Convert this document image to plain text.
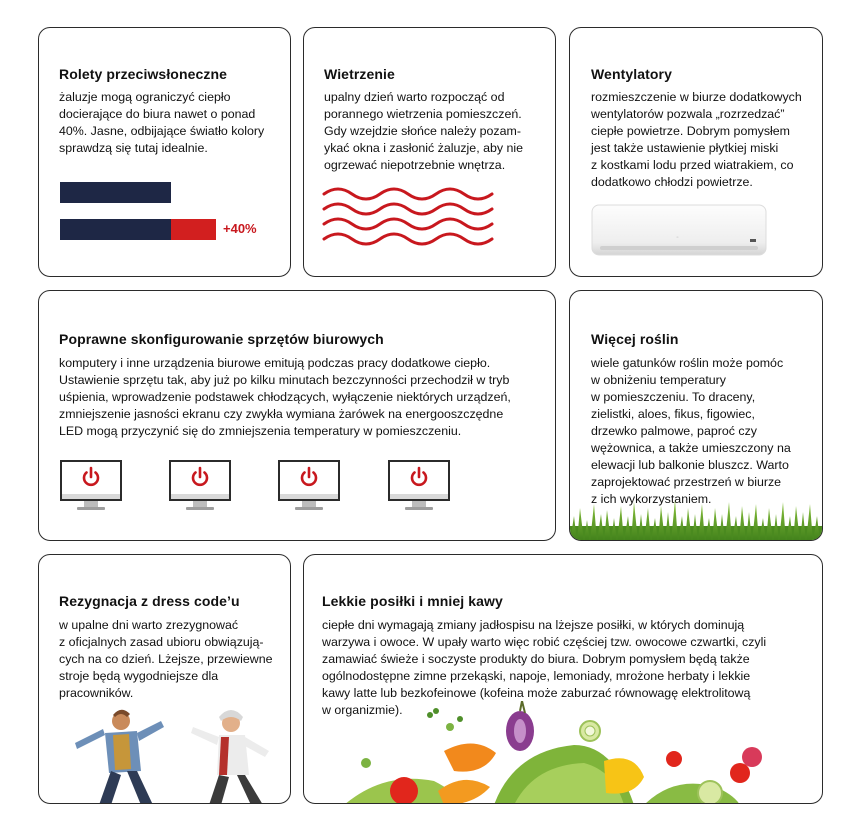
Rolety przeciwsłoneczne

żaluzje mogą ograniczyć ciepło
docierające do biura nawet o ponad
40%. Jasne, odbijające światło kolory
sprawdzą się tutaj idealnie.

+40%
Wietrzenie

upalny dzień warto rozpocząć od
porannego wietrzenia pomieszczeń.
Gdy wzejdzie słońce należy pozam-
ykać okna i zasłonić żaluzje, aby nie
ogrzewać niepotrzebnie wnętrza.

Wentylatory

rozmieszczenie w biurze dodatkowych
wentylatorów pozwala „rozrzedzać”
ciepłe powietrze. Dobrym pomysłem
jest także ustawienie płytkiej miski
z kostkami lodu przed wiatrakiem, co
dodatkowo chłodzi powietrze.

◦
Poprawne skonfigurowanie sprzętów biurowych

komputery i inne urządzenia biurowe emitują podczas pracy dodatkowe ciepło.
Ustawienie sprzętu tak, aby już po kilku minutach bezczynności przechodził w tryb
uśpienia, wprowadzenie podstawek chłodzących, wyłączenie niektórych urządzeń,
zmniejszenie jasności ekranu czy zwykła wymiana żarówek na energooszczędne
LED mogą przyczynić się do zmniejszenia temperatury w pomieszczeniu.

Więcej roślin

wiele gatunków roślin może pomóc
w obniżeniu temperatury
w pomieszczeniu. To draceny,
zielistki, aloes, fikus, figowiec,
drzewko palmowe, paproć czy
wężownica, a także umieszczony na
elewacji lub balkonie bluszcz. Warto
zaprojektować przestrzeń w biurze
z ich wykorzystaniem.

Rezygnacja z dress code’u

w upalne dni warto zrezygnować
z oficjalnych zasad ubioru obwiązują-
cych na co dzień. Lżejsze, przewiewne
stroje będą wygodniejsze dla
pracowników.

Lekkie posiłki i mniej kawy

ciepłe dni wymagają zmiany jadłospisu na lżejsze posiłki, w których dominują
warzywa i owoce. W upały warto więc robić częściej tzw. owocowe czwartki, czyli
zamawiać świeże i soczyste produkty do biura. Dobrym pomysłem będą także
ogólnodostępne zimne przekąski, napoje, lemoniady, mrożone herbaty i lekkie
kawy latte lub bezkofeinowe (kofeina może zaburzać równowagę elektrolitową
w organizmie).
